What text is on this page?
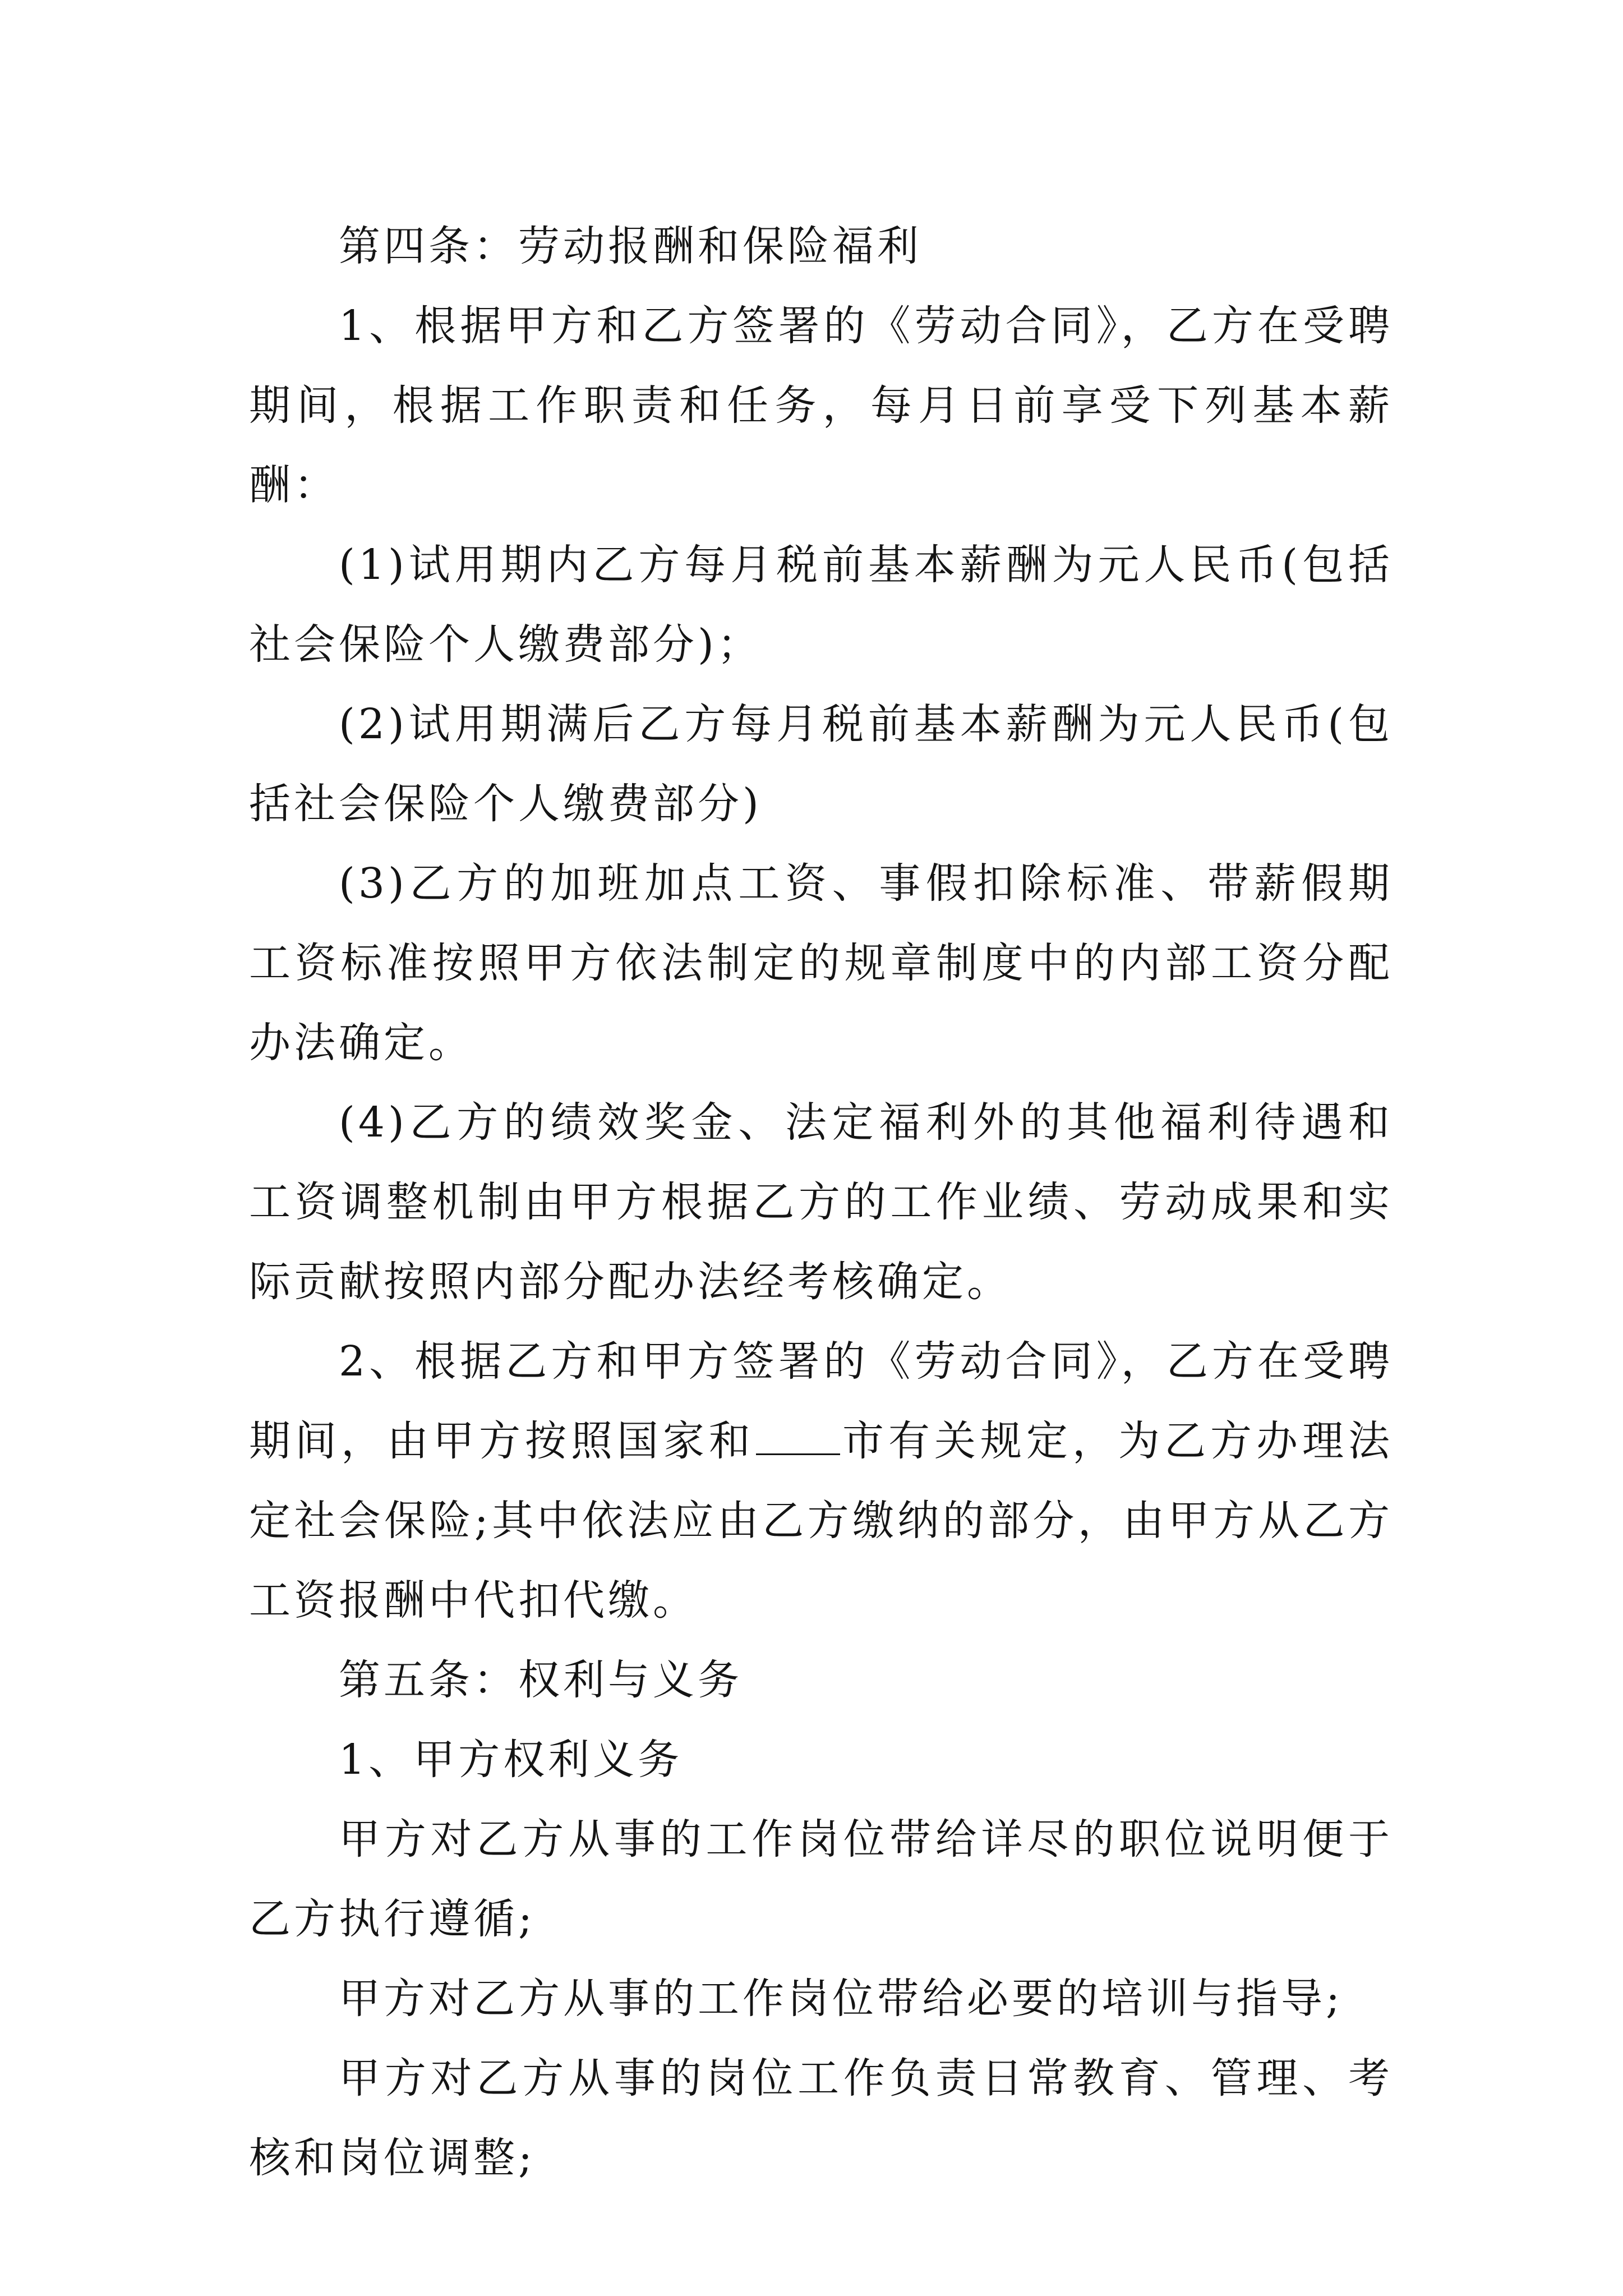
第四条：劳动报酬和保险福利

1、根据甲方和乙方签署的《劳动合同》，乙方在受聘期间，根据工作职责和任务，每月日前享受下列基本薪酬：

(1)试用期内乙方每月税前基本薪酬为元人民币(包括社会保险个人缴费部分)；

(2)试用期满后乙方每月税前基本薪酬为元人民币(包括社会保险个人缴费部分)

(3)乙方的加班加点工资、事假扣除标准、带薪假期工资标准按照甲方依法制定的规章制度中的内部工资分配办法确定。

(4)乙方的绩效奖金、法定福利外的其他福利待遇和工资调整机制由甲方根据乙方的工作业绩、劳动成果和实际贡献按照内部分配办法经考核确定。

2、根据乙方和甲方签署的《劳动合同》，乙方在受聘期间，由甲方按照国家和 市有关规定，为乙方办理法定社会保险;其中依法应由乙方缴纳的部分，由甲方从乙方工资报酬中代扣代缴。

第五条：权利与义务

1、甲方权利义务

甲方对乙方从事的工作岗位带给详尽的职位说明便于乙方执行遵循;

甲方对乙方从事的工作岗位带给必要的培训与指导;

甲方对乙方从事的岗位工作负责日常教育、管理、考核和岗位调整;
